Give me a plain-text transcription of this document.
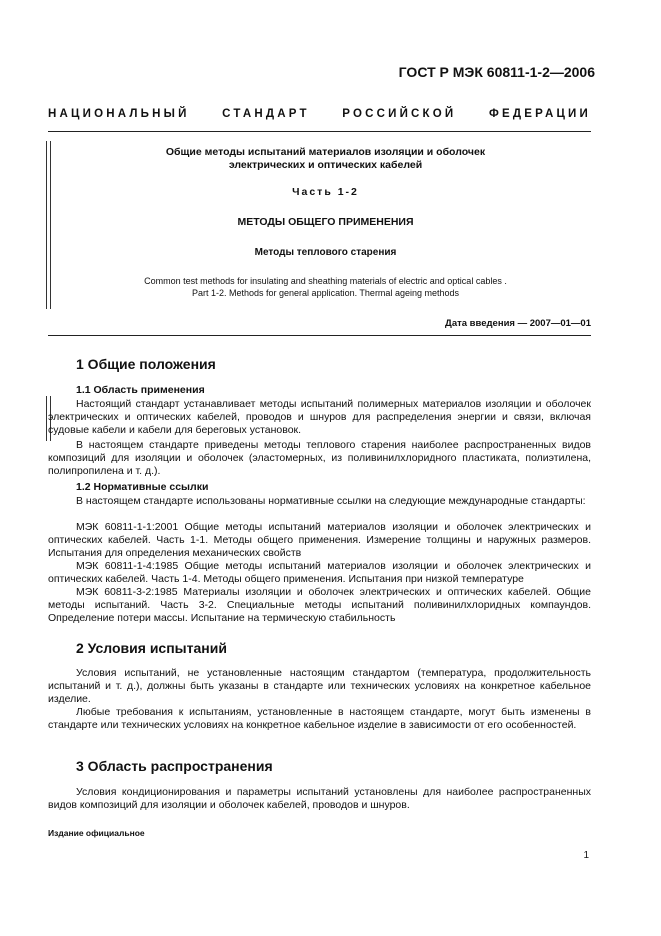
ГОСТ Р МЭК 60811-1-2—2006
НАЦИОНАЛЬНЫЙ СТАНДАРТ РОССИЙСКОЙ ФЕДЕРАЦИИ
Общие методы испытаний материалов изоляции и оболочек
электрических и оптических кабелей
Часть 1-2
МЕТОДЫ ОБЩЕГО ПРИМЕНЕНИЯ
Методы теплового старения
Common test methods for insulating and sheathing materials of electric and optical cables .
Part 1-2. Methods for general application. Thermal ageing methods
Дата введения — 2007—01—01
1 Общие положения
1.1 Область применения

Настоящий стандарт устанавливает методы испытаний полимерных материалов изоляции и оболочек электрических и оптических кабелей, проводов и шнуров для распределения энергии и связи, включая судовые кабели и кабели для береговых установок.

В настоящем стандарте приведены методы теплового старения наиболее распространенных видов композиций для изоляции и оболочек (эластомерных, из поливинилхлоридного пластиката, полиэтилена, полипропилена и т. д.).

1.2 Нормативные ссылки

В настоящем стандарте использованы нормативные ссылки на следующие международные стандарты:

МЭК 60811-1-1:2001 Общие методы испытаний материалов изоляции и оболочек электрических и оптических кабелей. Часть 1-1. Методы общего применения. Измерение толщины и наружных размеров. Испытания для определения механических свойств

МЭК 60811-1-4:1985 Общие методы испытаний материалов изоляции и оболочек электрических и оптических кабелей. Часть 1-4. Методы общего применения. Испытания при низкой температуре

МЭК 60811-3-2:1985 Материалы изоляции и оболочек электрических и оптических кабелей. Общие методы испытаний. Часть 3-2. Специальные методы испытаний поливинилхлоридных компаундов. Определение потери массы. Испытание на термическую стабильность

2 Условия испытаний

Условия испытаний, не установленные настоящим стандартом (температура, продолжительность испытаний и т. д.), должны быть указаны в стандарте или технических условиях на конкретное кабельное изделие.

Любые требования к испытаниям, установленные в настоящем стандарте, могут быть изменены в стандарте или технических условиях на конкретное кабельное изделие в зависимости от его особенностей.

3 Область распространения

Условия кондиционирования и параметры испытаний установлены для наиболее распространенных видов композиций для изоляции и оболочек кабелей, проводов и шнуров.

Издание официальное
1
